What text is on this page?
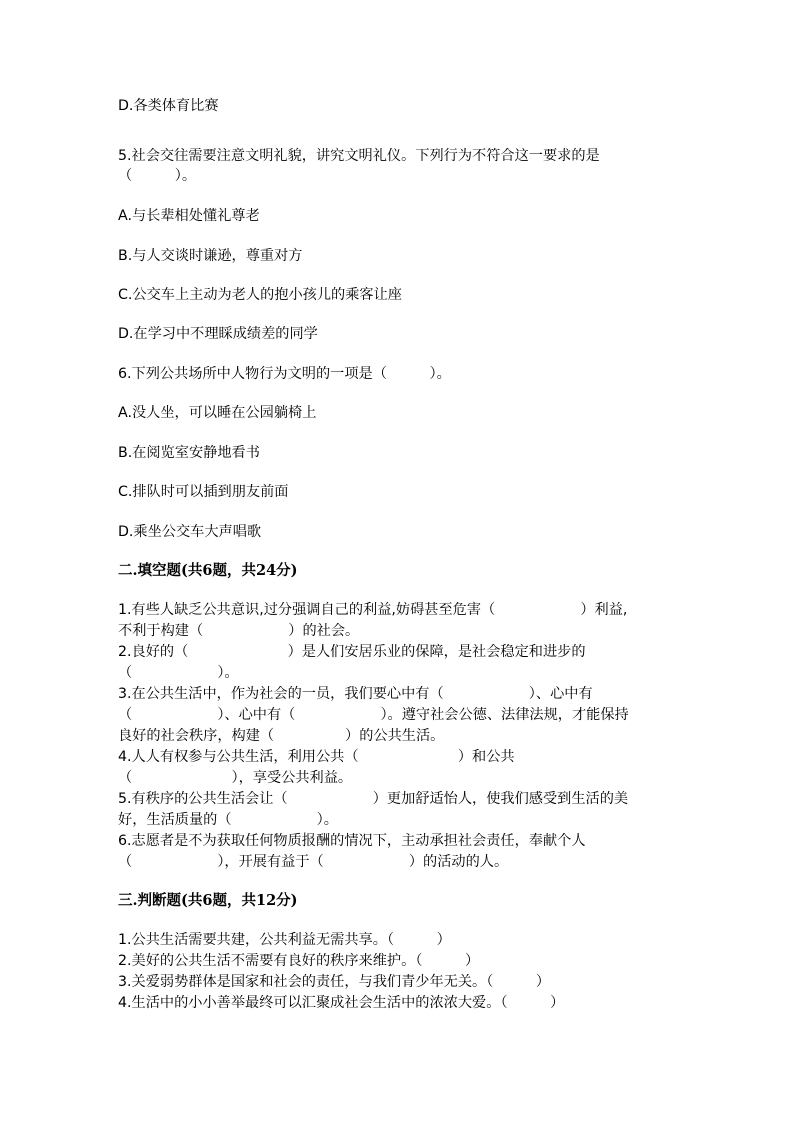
D.各类体育比赛
5.社会交往需要注意文明礼貌，讲究文明礼仪。下列行为不符合这一要求的是
（　　　）。
A.与长辈相处懂礼尊老
B.与人交谈时谦逊，尊重对方
C.公交车上主动为老人的抱小孩儿的乘客让座
D.在学习中不理睬成绩差的同学
6.下列公共场所中人物行为文明的一项是（　　　）。
A.没人坐，可以睡在公园躺椅上
B.在阅览室安静地看书
C.排队时可以插到朋友前面
D.乘坐公交车大声唱歌
二.填空题(共6题，共24分)
1.有些人缺乏公共意识,过分强调自己的利益,妨碍甚至危害（　　　　　　）利益,
不利于构建（　　　　　　）的社会。
2.良好的（　　　　　　　）是人们安居乐业的保障，是社会稳定和进步的
（　　　　　　）。
3.在公共生活中，作为社会的一员，我们要心中有（　　　　　　）、心中有
（　　　　　　）、心中有（　　　　　　）。遵守社会公德、法律法规，才能保持
良好的社会秩序，构建（　　　　　）的公共生活。
4.人人有权参与公共生活，利用公共（　　　　　　　）和公共
（　　　　　　　），享受公共利益。
5.有秩序的公共生活会让（　　　　　　）更加舒适怡人，使我们感受到生活的美
好，生活质量的（　　　　　　）。
6.志愿者是不为获取任何物质报酬的情况下，主动承担社会责任，奉献个人
（　　　　　　），开展有益于（　　　　　　）的活动的人。
三.判断题(共6题，共12分)
1.公共生活需要共建，公共利益无需共享。（　　　）
2.美好的公共生活不需要有良好的秩序来维护。（　　　）
3.关爱弱势群体是国家和社会的责任，与我们青少年无关。（　　　）
4.生活中的小小善举最终可以汇聚成社会生活中的浓浓大爱。（　　　）
